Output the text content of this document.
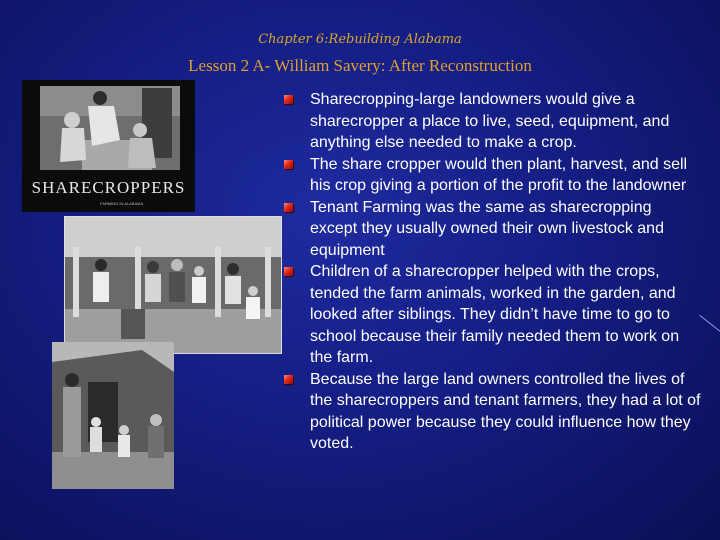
Chapter 6:Rebuilding Alabama
Lesson 2 A- William Savery: After Reconstruction
SHARECROPPERS
FARMING IN ALABAMA
Sharecropping-large landowners would give a sharecropper a place to live, seed, equipment, and anything else needed to make a crop.
The share cropper would then plant, harvest, and sell his crop giving a portion of the profit to the landowner
Tenant Farming was the same as sharecropping except they usually owned their own livestock and equipment
Children of a sharecropper helped with the crops, tended the farm animals, worked in the garden, and looked after siblings. They didn’t have time to go to school because their family needed them to work on the farm.
Because the large land owners controlled the lives of the sharecroppers and tenant farmers, they had a lot of political power because they could influence how they voted.
